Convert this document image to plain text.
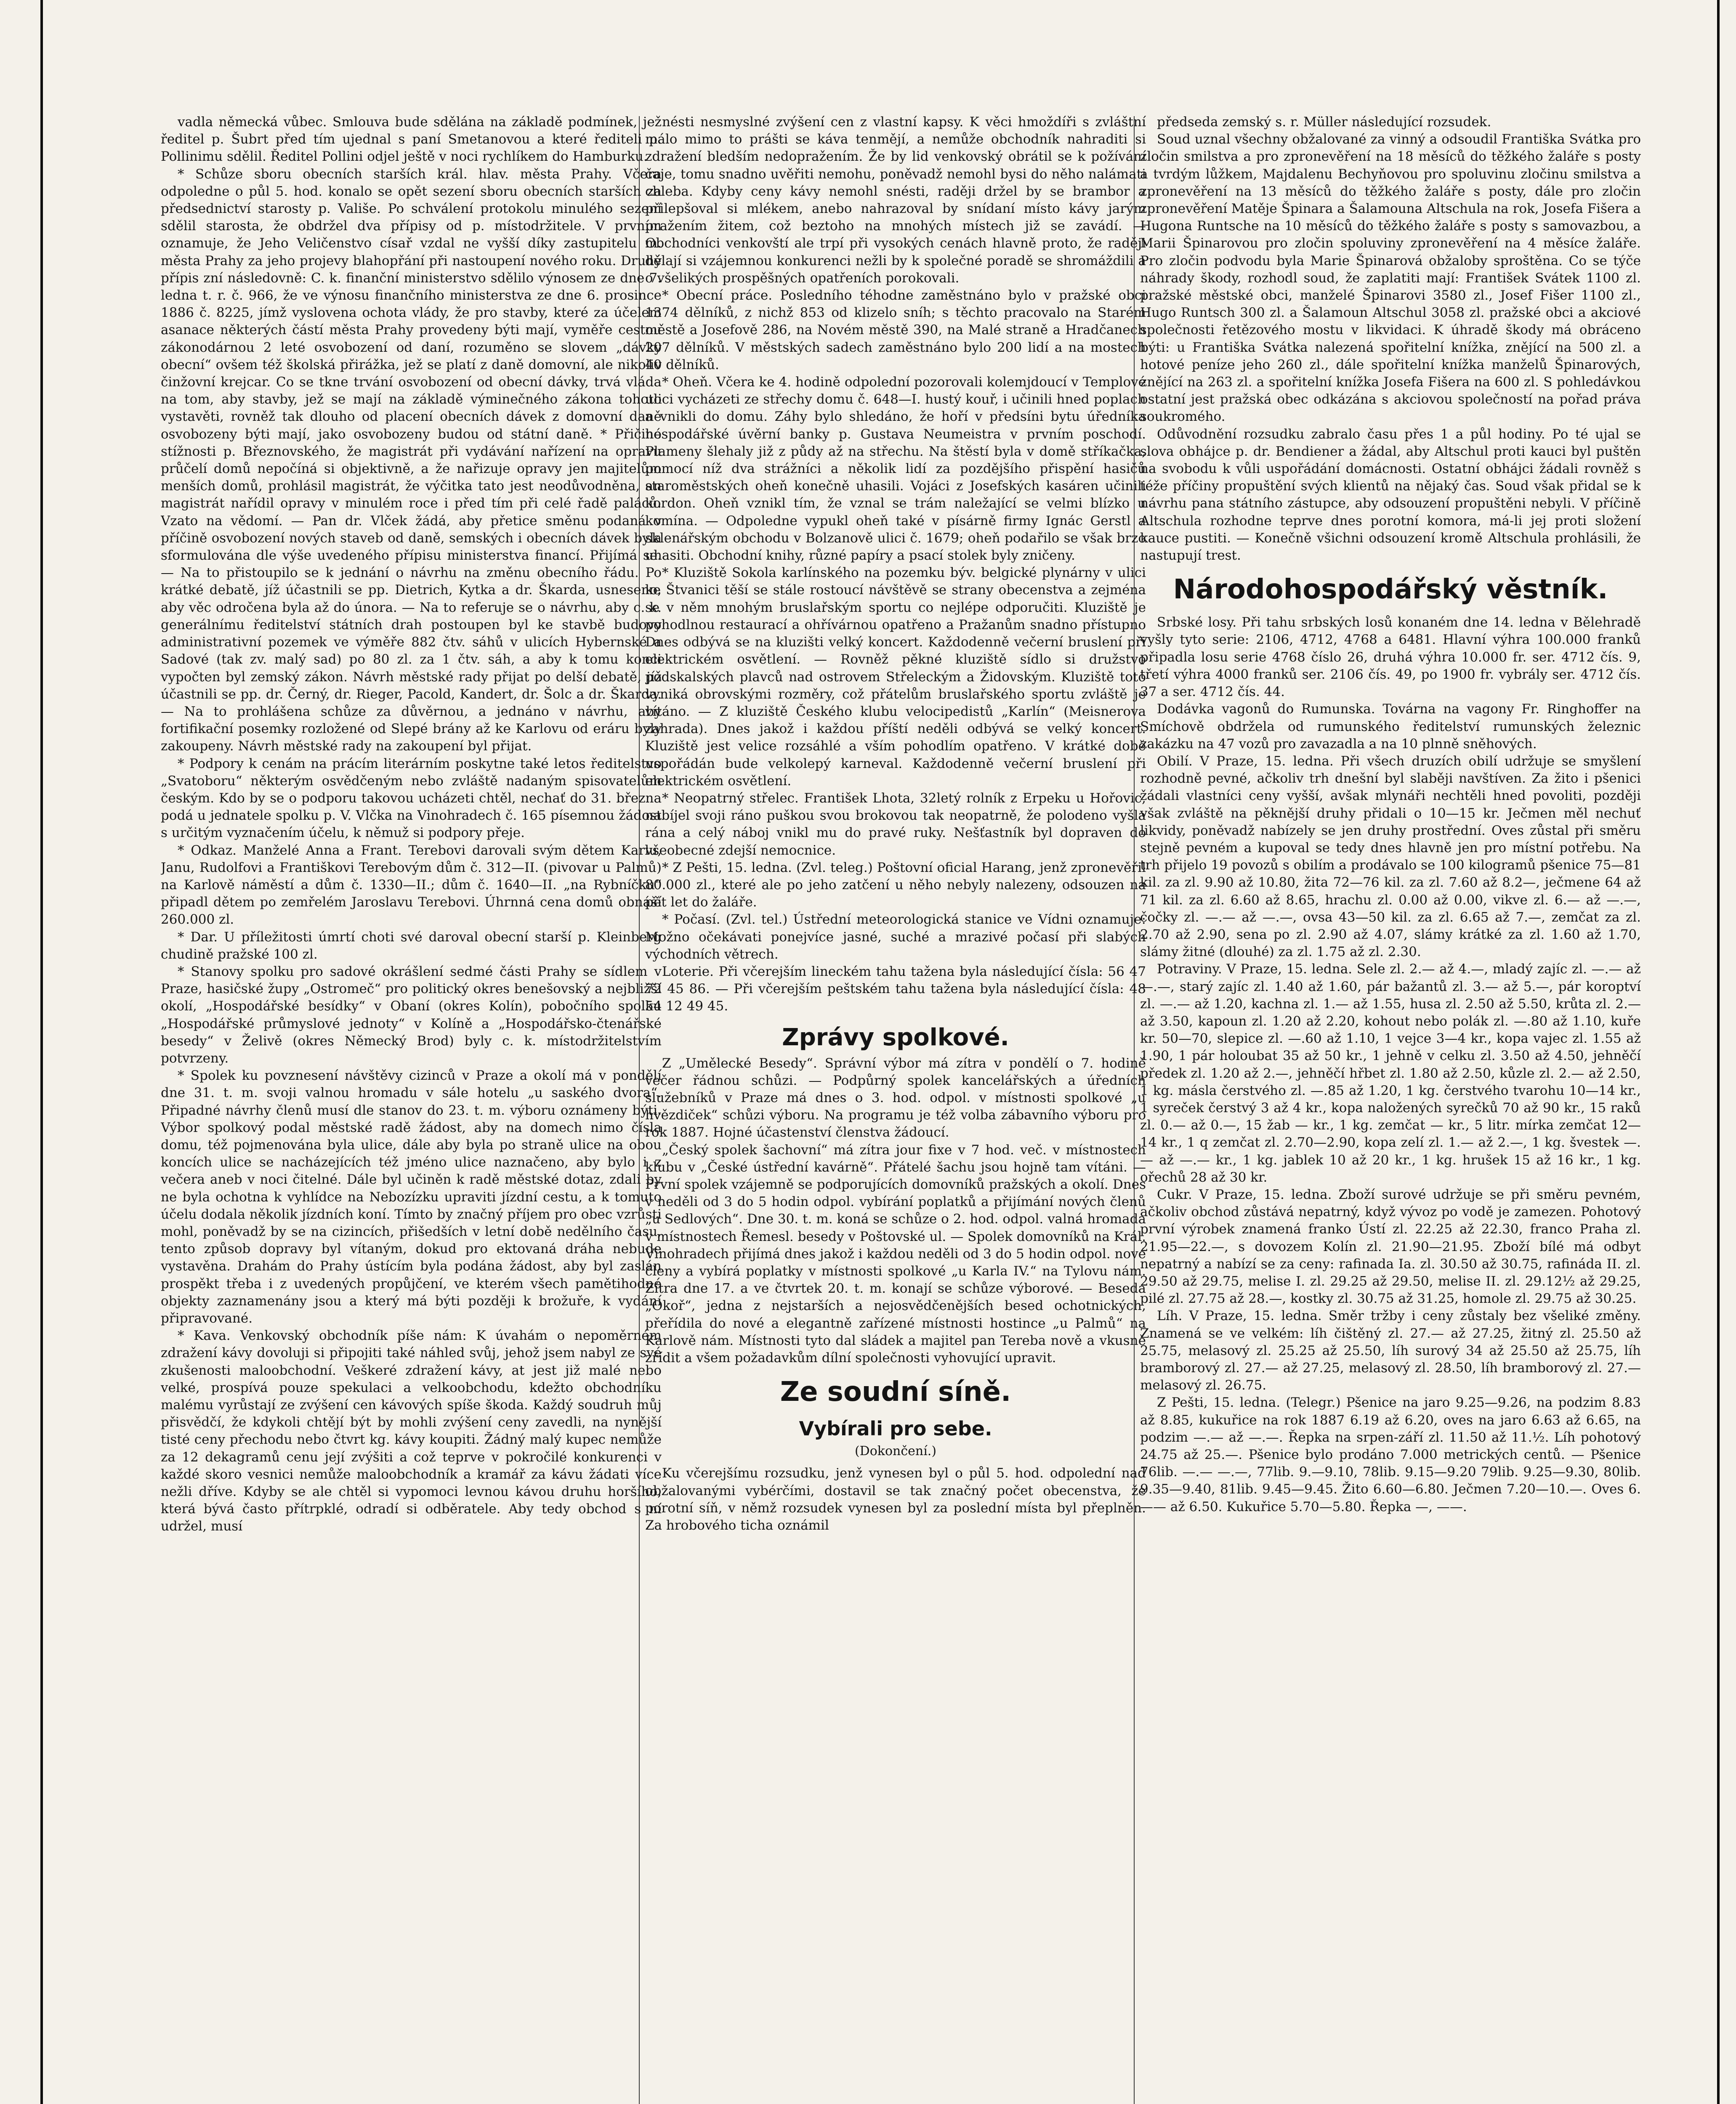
vadla německá vůbec. Smlouva bude sdělána na základě podmínek, jež ředitel p. Šubrt před tím ujednal s paní Smetanovou a které řediteli p. Pollinimu sdělil. Ředitel Pollini odjel ještě v noci rychlíkem do Hamburku.

* Schůze sboru obecních starších král. hlav. města Prahy. Včera odpoledne o půl 5. hod. konalo se opět sezení sboru obecních starších za předsednictví starosty p. Vališe. Po schválení protokolu minulého sezení sdělil starosta, že obdržel dva přípisy od p. místodržitele. V prvním oznamuje, že Jeho Veličenstvo císař vzdal ne vyšší díky zastupitelu m. města Prahy za jeho projevy blahopřání při nastoupení nového roku. Druhý přípis zní následovně: C. k. finanční ministerstvo sdělilo výnosem ze dne 7. ledna t. r. č. 966, že ve výnosu finančního ministerstva ze dne 6. prosince 1886 č. 8225, jímž vyslovena ochota vlády, že pro stavby, které za účelem asanace některých částí města Prahy provedeny býti mají, vyměře cestou zákonodárnou 2 leté osvobození od daní, rozuměno se slovem „dávky obecní“ ovšem též školská přirážka, jež se platí z daně domovní, ale nikoliv činžovní krejcar. Co se tkne trvání osvobození od obecní dávky, trvá vláda na tom, aby stavby, jež se mají na základě výminečného zákona tohoto vystavěti, rovněž tak dlouho od placení obecních dávek z domovní daně osvobozeny býti mají, jako osvobozeny budou od státní daně. * Přičiné stížnosti p. Březnovského, že magistrát při vydávání nařízení na opravu průčelí domů nepočíná si objektivně, a že nařizuje opravy jen majitelům menších domů, prohlásil magistrát, že výčitka tato jest neodůvodněna, an magistrát nařídil opravy v minulém roce i před tím při celé řadě paláců. Vzato na vědomí. — Pan dr. Vlček žádá, aby přetice směnu podaná v příčině osvobození nových staveb od daně, semských i obecních dávek byla sformulována dle výše uvedeného přípisu ministerstva financí. Přijímá se. — Na to přistoupilo se k jednání o návrhu na změnu obecního řádu. Po krátké debatě, jíž účastnili se pp. Dietrich, Kytka a dr. Škarda, usneseno, aby věc odročena byla až do února. — Na to referuje se o návrhu, aby c. k. generálnímu ředitelství státních drah postoupen byl ke stavbě budovy administrativní pozemek ve výměře 882 čtv. sáhů v ulicích Hybernské a Sadové (tak zv. malý sad) po 80 zl. za 1 čtv. sáh, a aby k tomu konci vypočten byl zemský zákon. Návrh městské rady přijat po delší debatě, jíž účastnili se pp. dr. Černý, dr. Rieger, Pacold, Kandert, dr. Šolc a dr. Škarda. — Na to prohlášena schůze za důvěrnou, a jednáno v návrhu, aby fortifikační posemky rozložené od Slepé brány až ke Karlovu od eráru byly zakoupeny. Návrh městské rady na zakoupení byl přijat.

* Podpory k cenám na prácím literárním poskytne také letos ředitelstvo „Svatoboru“ některým osvědčeným nebo zvláště nadaným spisovatelům českým. Kdo by se o podporu takovou ucházeti chtěl, nechať do 31. března podá u jednatele spolku p. V. Vlčka na Vinohradech č. 165 písemnou žádost s určitým vyznačením účelu, k němuž si podpory přeje.

* Odkaz. Manželé Anna a Frant. Terebovi darovali svým dětem Karlu, Janu, Rudolfovi a Františkovi Terebovým dům č. 312—II. (pivovar u Palmů) na Karlově náměstí a dům č. 1330—II.; dům č. 1640—II. „na Rybníčku“ připadl dětem po zemřelém Jaroslavu Terebovi. Úhrnná cena domů obnáší 260.000 zl.

* Dar. U příležitosti úmrtí choti své daroval obecní starší p. Kleinberg chudině pražské 100 zl.

* Stanovy spolku pro sadové okrášlení sedmé části Prahy se sídlem v Praze, hasičské župy „Ostromeč“ pro politický okres benešovský a nejbližší okolí, „Hospodářské besídky“ v Obaní (okres Kolín), pobočního spolku „Hospodářské průmyslové jednoty“ v Kolíně a „Hospodářsko-čtenářské besedy“ v Želivě (okres Německý Brod) byly c. k. místodržitelstvím potvrzeny.

* Spolek ku povznesení návštěvy cizinců v Praze a okolí má v pondělí dne 31. t. m. svoji valnou hromadu v sále hotelu „u saského dvora“. Připadné návrhy členů musí dle stanov do 23. t. m. výboru oznámeny býti. Výbor spolkový podal městské radě žádost, aby na domech nimo čísla domu, též pojmenována byla ulice, dále aby byla po straně ulice na obou koncích ulice se nacházejících též jméno ulice naznačeno, aby bylo i z večera aneb v noci čitelné. Dále byl učiněn k radě městské dotaz, zdali by ne byla ochotna k vyhlídce na Nebozízku upraviti jízdní cestu, a k tomuto účelu dodala několik jízdních koní. Tímto by značný příjem pro obec vzrůsti mohl, poněvadž by se na cizincích, přišedších v letní době nedělního času, tento způsob dopravy byl vítaným, dokud pro ektovaná dráha nebude vystavěna. Drahám do Prahy ústícím byla podána žádost, aby byl zaslán prospěkt třeba i z uvedených propůjčení, ve kterém všech pamětihodné objekty zaznamenány jsou a který má býti později k brožuře, k vydání připravované.

* Kava. Venkovský obchodník píše nám: K úvahám o nepoměrném zdražení kávy dovoluji si připojiti také náhled svůj, jehož jsem nabyl ze své zkušenosti maloobchodní. Veškeré zdražení kávy, at jest již malé nebo velké, prospívá pouze spekulaci a velkoobchodu, kdežto obchodníku malému vyrůstají ze zvýšení cen kávových spíše škoda. Každý soudruh můj přisvědčí, že kdykoli chtějí být by mohli zvýšení ceny zavedli, na nynější tisté ceny přechodu nebo čtvrt kg. kávy koupiti. Žádný malý kupec nemůže za 12 dekagramů cenu její zvýšiti a což teprve v pokročilé konkurenci v každé skoro vesnici nemůže maloobchodník a kramář za kávu žádati více nežli dříve. Kdyby se ale chtěl si vypomoci levnou kávou druhu horšího, která bývá často přítrpklé, odradí si odběratele. Aby tedy obchod s ní udržel, musí

nésti nesmyslné zvýšení cen z vlastní kapsy. K věci hmoždíři s zvláštní málo mimo to prášti se káva tenmějí, a nemůže obchodník nahraditi si zdražení bledším nedopražením. Že by lid venkovský obrátil se k požívání čaje, tomu snadno uvěřiti nemohu, poněvadž nemohl bysi do něho nalámati chleba. Kdyby ceny kávy nemohl snésti, raději držel by se brambor a přilepšoval si mlékem, anebo nahrazoval by snídaní místo kávy jarým pražením žitem, což beztoho na mnohých místech již se zavádí. — Obchodníci venkovští ale trpí při vysokých cenách hlavně proto, že raději dělají si vzájemnou konkurenci nežli by k společné poradě se shromáždili a o všelikých prospěšných opatřeních porokovali.

* Obecní práce. Posledního téhodne zaměstnáno bylo v pražské obci 1374 dělníků, z nichž 853 od klizelo sníh; s těchto pracovalo na Starém městě a Josefově 286, na Novém městě 390, na Malé straně a Hradčanech 207 dělníků. V městských sadech zaměstnáno bylo 200 lidí a na mostech 40 dělníků.

* Oheň. Včera ke 4. hodině odpolední pozorovali kolemjdoucí v Templové ulici vycházeti ze střechy domu č. 648—I. hustý kouř, i učinili hned poplach a vnikli do domu. Záhy bylo shledáno, že hoří v předsíni bytu úředníka hospodářské úvěrní banky p. Gustava Neumeistra v prvním poschodí. Plameny šlehaly již z půdy až na střechu. Na štěstí byla v domě stříkačka, pomocí níž dva strážníci a několik lidí za pozdějšího přispění hasičů staroměstských oheň konečně uhasili. Vojáci z Josefských kasáren učinili kordon. Oheň vznikl tím, že vznal se trám naležající se velmi blízko u komína. — Odpoledne vypukl oheň také v písárně firmy Ignác Gerstl a sklenářským obchodu v Bolzanově ulici č. 1679; oheň podařilo se však brzo uhasiti. Obchodní knihy, různé papíry a psací stolek byly zničeny.

* Kluziště Sokola karlínského na pozemku býv. belgické plynárny v ulici ke Štvanici těší se stále rostoucí návštěvě se strany obecenstva a zejména se v něm mnohým bruslařským sportu co nejlépe odporučiti. Kluziště je pohodlnou restaurací a ohřívárnou opatřeno a Pražanům snadno přístupno Dnes odbývá se na kluzišti velký koncert. Každodenně večerní bruslení při elektrickém osvětlení. — Rovněž pěkné kluziště sídlo si družstvo podskalských plavců nad ostrovem Střeleckým a Židovským. Kluziště toto vyniká obrovskými rozměry, což přátelům bruslařského sportu zvláště je vítáno. — Z kluziště Českého klubu velocipedistů „Karlín“ (Meisnerova zahrada). Dnes jakož i každou příští neděli odbývá se velký koncert. Kluziště jest velice rozsáhlé a vším pohodlím opatřeno. V krátké době uspořádán bude velkolepý karneval. Každodenně večerní bruslení při elektrickém osvětlení.

* Neopatrný střelec. František Lhota, 32letý rolník z Erpeku u Hořovic, nabíjel svoji ráno puškou svou brokovou tak neopatrně, že polodeno vyšla rána a celý náboj vnikl mu do pravé ruky. Nešťastník byl dopraven do všeobecné zdejší nemocnice.

* Z Pešti, 15. ledna. (Zvl. teleg.) Poštovní oficial Harang, jenž zpronevěřil 80.000 zl., které ale po jeho zatčení u něho nebyly nalezeny, odsouzen na pět let do žaláře.

* Počasí. (Zvl. tel.) Ústřední meteorologická stanice ve Vídni oznamuje: Možno očekávati ponejvíce jasné, suché a mrazivé počasí při slabých východních větrech.

Loterie. Při včerejším lineckém tahu tažena byla následující čísla: 56 47 72 45 86. — Při včerejším peštském tahu tažena byla následující čísla: 48 54 12 49 45.

Zprávy spolkové.

Z „Umělecké Besedy“. Správní výbor má zítra v pondělí o 7. hodině večer řádnou schůzi. — Podpůrný spolek kancelářských a úředních služebníků v Praze má dnes o 3. hod. odpol. v místnosti spolkové „u hvězdiček“ schůzi výboru. Na programu je též volba zábavního výboru pro rok 1887. Hojné účastenství členstva žádoucí.

„Český spolek šachovní“ má zítra jour fixe v 7 hod. več. v místnostech klubu v „České ústřední kavárně“. Přátelé šachu jsou hojně tam vítáni. — První spolek vzájemně se podporujících domovníků pražských a okolí. Dnes v neděli od 3 do 5 hodin odpol. vybírání poplatků a přijímání nových členů „u Sedlových“. Dne 30. t. m. koná se schůze o 2. hod. odpol. valná hromada v místnostech Řemesl. besedy v Poštovské ul. — Spolek domovníků na Král. Vinohradech přijímá dnes jakož i každou neděli od 3 do 5 hodin odpol. nové členy a vybírá poplatky v místnosti spolkové „u Karla IV.“ na Tylovu nám. Zítra dne 17. a ve čtvrtek 20. t. m. konají se schůze výborové. — Beseda „Okoř“, jedna z nejstarších a nejosvědčenějších besed ochotnických, přeřídila do nové a elegantně zařízené místnosti hostince „u Palmů“ na Karlově nám. Místnosti tyto dal sládek a majitel pan Tereba nově a vkusně zřídit a všem požadavkům dílní společnosti vyhovující upravit.

Ze soudní síně.
Vybírali pro sebe.
(Dokončení.)

Ku včerejšímu rozsudku, jenž vynesen byl o půl 5. hod. odpolední nad obžalovanými vybérčími, dostavil se tak značný počet obecenstva, že porotní síň, v němž rozsudek vynesen byl za poslední místa byl přeplněn. Za hrobového ticha oznámil

předseda zemský s. r. Müller následující rozsudek.

Soud uznal všechny obžalované za vinný a odsoudil Františka Svátka pro zločin smilstva a pro zpronevěření na 18 měsíců do těžkého žaláře s posty a tvrdým lůžkem, Majdalenu Bechyňovou pro spoluvinu zločinu smilstva a zpronevěření na 13 měsíců do těžkého žaláře s posty, dále pro zločin zpronevěření Matěje Špinara a Šalamouna Altschula na rok, Josefa Fišera a Hugona Runtsche na 10 měsíců do těžkého žaláře s posty s samovazbou, a Marii Špinarovou pro zločin spoluviny zpronevěření na 4 měsíce žaláře. Pro zločin podvodu byla Marie Špinarová obžaloby sproštěna. Co se týče náhrady škody, rozhodl soud, že zaplatiti mají: František Svátek 1100 zl. pražské městské obci, manželé Špinarovi 3580 zl., Josef Fišer 1100 zl., Hugo Runtsch 300 zl. a Šalamoun Altschul 3058 zl. pražské obci a akciové společnosti řetězového mostu v likvidaci. K úhradě škody má obráceno býti: u Františka Svátka nalezená spořitelní knížka, znějící na 500 zl. a hotové peníze jeho 260 zl., dále spořitelní knížka manželů Špinarových, znějící na 263 zl. a spořitelní knížka Josefa Fišera na 600 zl. S pohledávkou ostatní jest pražská obec odkázána s akciovou společností na pořad práva soukromého.

Odůvodnění rozsudku zabralo času přes 1 a půl hodiny. Po té ujal se slova obhájce p. dr. Bendiener a žádal, aby Altschul proti kauci byl puštěn na svobodu k vůli uspořádání domácnosti. Ostatní obhájci žádali rovněž s téže příčiny propuštění svých klientů na nějaký čas. Soud však přidal se k návrhu pana státního zástupce, aby odsouzení propuštěni nebyli. V příčině Altschula rozhodne teprve dnes porotní komora, má-li jej proti složení kauce pustiti. — Konečně všichni odsouzení kromě Altschula prohlásili, že nastupují trest.

Národohospodářský věstník.

Srbské losy. Při tahu srbských losů konaném dne 14. ledna v Bělehradě vyšly tyto serie: 2106, 4712, 4768 a 6481. Hlavní výhra 100.000 franků připadla losu serie 4768 číslo 26, druhá výhra 10.000 fr. ser. 4712 čís. 9, třetí výhra 4000 franků ser. 2106 čís. 49, po 1900 fr. vybrály ser. 4712 čís. 37 a ser. 4712 čís. 44.

Dodávka vagonů do Rumunska. Továrna na vagony Fr. Ringhoffer na Smíchově obdržela od rumunského ředitelství rumunských železnic zakázku na 47 vozů pro zavazadla a na 10 plnně sněhových.

Obilí. V Praze, 15. ledna. Při všech druzích obilí udržuje se smyšlení rozhodně pevné, ačkoliv trh dnešní byl slaběji navštíven. Za žito i pšenici žádali vlastníci ceny vyšší, avšak mlynáři nechtěli hned povoliti, později však zvláště na pěknější druhy přidali o 10—15 kr. Ječmen měl nechuť likvidy, poněvadž nabízely se jen druhy prostřední. Oves zůstal při směru stejně pevném a kupoval se tedy dnes hlavně jen pro místní potřebu. Na trh přijelo 19 povozů s obilím a prodávalo se 100 kilogramů pšenice 75—81 kil. za zl. 9.90 až 10.80, žita 72—76 kil. za zl. 7.60 až 8.2—, ječmene 64 až 71 kil. za zl. 6.60 až 8.65, hrachu zl. 0.00 až 0.00, vikve zl. 6.— až —.—, čočky zl. —.— až —.—, ovsa 43—50 kil. za zl. 6.65 až 7.—, zemčat za zl. 2.70 až 2.90, sena po zl. 2.90 až 4.07, slámy krátké za zl. 1.60 až 1.70, slámy žitné (dlouhé) za zl. 1.75 až zl. 2.30.

Potraviny. V Praze, 15. ledna. Sele zl. 2.— až 4.—, mladý zajíc zl. —.— až —.—, starý zajíc zl. 1.40 až 1.60, pár bažantů zl. 3.— až 5.—, pár koroptví zl. —.— až 1.20, kachna zl. 1.— až 1.55, husa zl. 2.50 až 5.50, krůta zl. 2.— až 3.50, kapoun zl. 1.20 až 2.20, kohout nebo polák zl. —.80 až 1.10, kuře kr. 50—70, slepice zl. —.60 až 1.10, 1 vejce 3—4 kr., kopa vajec zl. 1.55 až 1.90, 1 pár holoubat 35 až 50 kr., 1 jehně v celku zl. 3.50 až 4.50, jehněčí předek zl. 1.20 až 2.—, jehněčí hřbet zl. 1.80 až 2.50, kůzle zl. 2.— až 2.50, 1 kg. másla čerstvého zl. —.85 až 1.20, 1 kg. čerstvého tvarohu 10—14 kr., 1 syreček čerstvý 3 až 4 kr., kopa naložených syrečků 70 až 90 kr., 15 raků zl. 0.— až 0.—, 15 žab — kr., 1 kg. zemčat — kr., 5 litr. mírka zemčat 12—14 kr., 1 q zemčat zl. 2.70—2.90, kopa zelí zl. 1.— až 2.—, 1 kg. švestek —.— až —.— kr., 1 kg. jablek 10 až 20 kr., 1 kg. hrušek 15 až 16 kr., 1 kg. ořechů 28 až 30 kr.

Cukr. V Praze, 15. ledna. Zboží surové udržuje se při směru pevném, ačkoliv obchod zůstává nepatrný, když vývoz po vodě je zamezen. Pohotový první výrobek znamená franko Ústí zl. 22.25 až 22.30, franco Praha zl. 21.95—22.—, s dovozem Kolín zl. 21.90—21.95. Zboží bílé má odbyt nepatrný a nabízí se za ceny: rafinada Ia. zl. 30.50 až 30.75, rafináda II. zl. 29.50 až 29.75, melise I. zl. 29.25 až 29.50, melise II. zl. 29.12½ až 29.25, pilé zl. 27.75 až 28.—, kostky zl. 30.75 až 31.25, homole zl. 29.75 až 30.25.

Líh. V Praze, 15. ledna. Směr tržby i ceny zůstaly bez všeliké změny. Znamená se ve velkém: líh čištěný zl. 27.— až 27.25, žitný zl. 25.50 až 25.75, melasový zl. 25.25 až 25.50, líh surový 34 až 25.50 až 25.75, líh bramborový zl. 27.— až 27.25, melasový zl. 28.50, líh bramborový zl. 27.— melasový zl. 26.75.

Z Pešti, 15. ledna. (Telegr.) Pšenice na jaro 9.25—9.26, na podzim 8.83 až 8.85, kukuřice na rok 1887 6.19 až 6.20, oves na jaro 6.63 až 6.65, na podzim —.— až —.—. Řepka na srpen-září zl. 11.50 až 11.½. Líh pohotový 24.75 až 25.—. Pšenice bylo prodáno 7.000 metrických centů. — Pšenice 76lib. —.— —.—, 77lib. 9.—9.10, 78lib. 9.15—9.20 79lib. 9.25—9.30, 80lib. 9.35—9.40, 81lib. 9.45—9.45. Žito 6.60—6.80. Ječmen 7.20—10.—. Oves 6.—— až 6.50. Kukuřice 5.70—5.80. Řepka —, ——.
